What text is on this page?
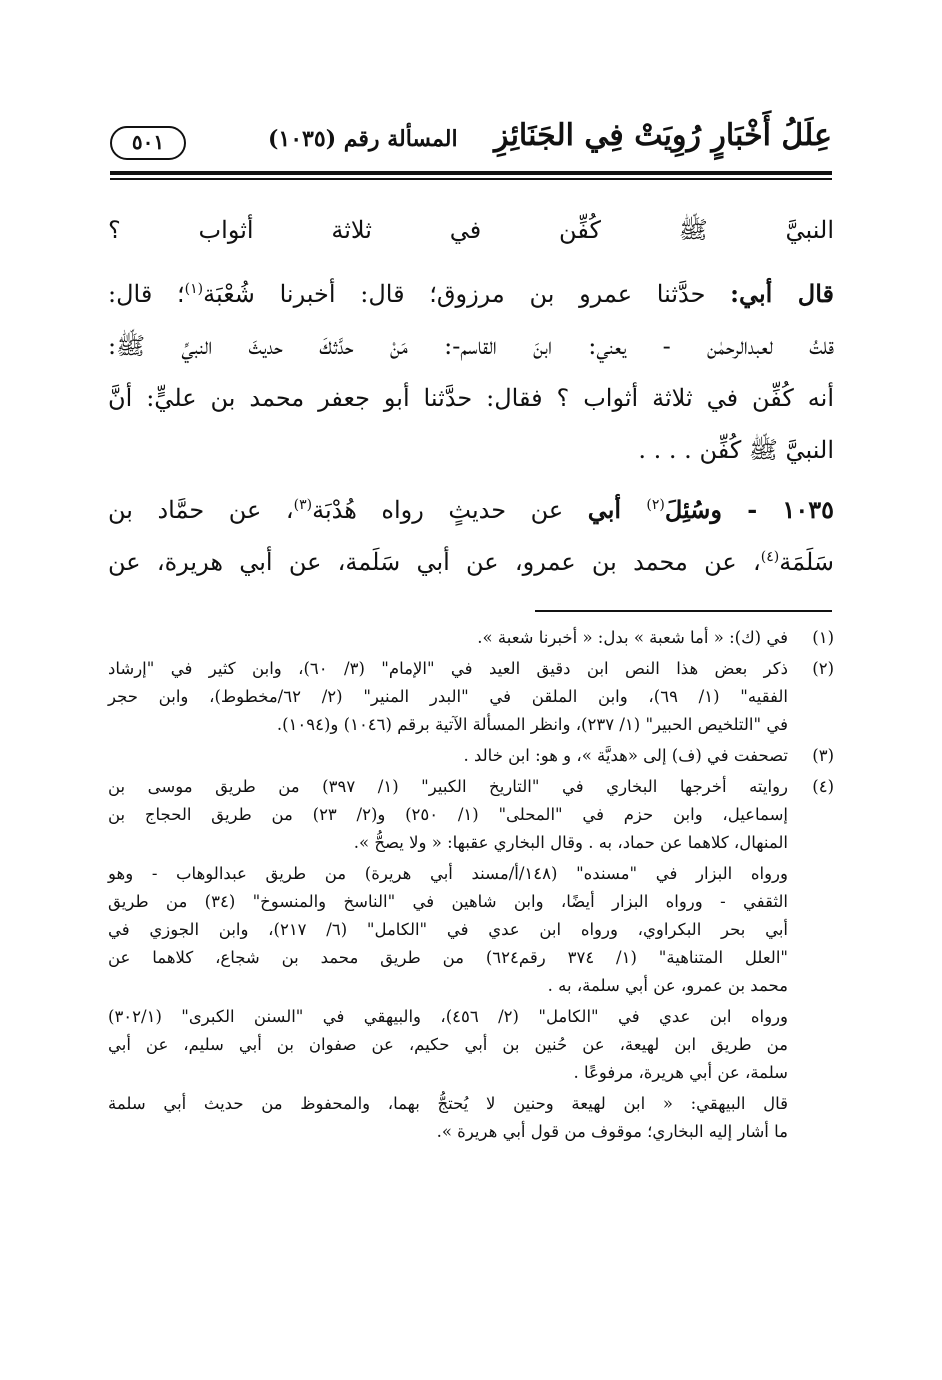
عِلَلُ أَخْبَارٍ رُوِيَتْ فِي الجَنَائِزِ
المسألة رقم (١٠٣٥)
٥٠١

النبيَّ ﷺ كُفِّن في ثلاثة أثواب ؟

قال أبي: حدَّثنا عمرو بن مرزوق؛ قال: أخبرنا شُعْبَة$^{(١)}$؛ قال:

قلتُ لعبدالرحمٰن - يعني: ابنَ القاسم-: مَنْ حدَّثكَ حديثَ النبيِّ ﷺ:

أنه كُفِّن في ثلاثة أثواب ؟ فقال: حدَّثنا أبو جعفر محمد بن عليٍّ: أنَّ

النبيَّ ﷺ كُفِّن . . . .

١٠٣٥ - وسُئِلَ$^{(٢)}$ أبي عن حديثٍ رواه هُدْبَة$^{(٣)}$، عن حمَّاد بن

سَلَمَة$^{(٤)}$، عن محمد بن عمرو، عن أبي سَلَمة، عن أبي هريرة، عن

(١)
في (ك): « أما شعبة » بدل: « أخبرنا شعبة ».
(٢)
ذكر بعض هذا النص ابن دقيق العيد في "الإمام" (٣/ ٦٠)، وابن كثير في "إرشاد
الفقيه" (١/ ٦٩)، وابن الملقن في "البدر المنير" (٢/ ٦٢/مخطوط)، وابن حجر
في "التلخيص الحبير" (١/ ٢٣٧)، وانظر المسألة الآتية برقم (١٠٤٦) و(١٠٩٤).
(٣)
تصحفت في (ف) إلى «هديَّة »، و هو: ابن خالد .
(٤)
روايته أخرجها البخاري في "التاريخ الكبير" (١/ ٣٩٧) من طريق موسى بن
إسماعيل، وابن حزم في "المحلى" (١/ ٢٥٠) و(٢/ ٢٣) من طريق الحجاج بن
المنهال، كلاهما عن حماد، به . وقال البخاري عقبها: « ولا يصحُّ ».
ورواه البزار في "مسنده" (١٤٨/أ/مسند أبي هريرة) من طريق عبدالوهاب - وهو
الثقفي - ورواه البزار أيضًا، وابن شاهين في "الناسخ والمنسوخ" (٣٤) من طريق
أبي بحر البكراوي، ورواه ابن عدي في "الكامل" (٦/ ٢١٧)، وابن الجوزي في
"العلل المتناهية" (١/ ٣٧٤ رقم٦٢٤) من طريق محمد بن شجاع، كلاهما عن
محمد بن عمرو، عن أبي سلمة، به .
ورواه ابن عدي في "الكامل" (٢/ ٤٥٦)، والبيهقي في "السنن الكبرى" (٣٠٢/١)
من طريق ابن لهيعة، عن حُنين بن أبي حكيم، عن صفوان بن أبي سليم، عن أبي
سلمة، عن أبي هريرة، مرفوعًا .
قال البيهقي: « ابن لهيعة وحنين لا يُحتجُّ بهما، والمحفوظ من حديث أبي سلمة
ما أشار إليه البخاري؛ موقوف من قول أبي هريرة ».
